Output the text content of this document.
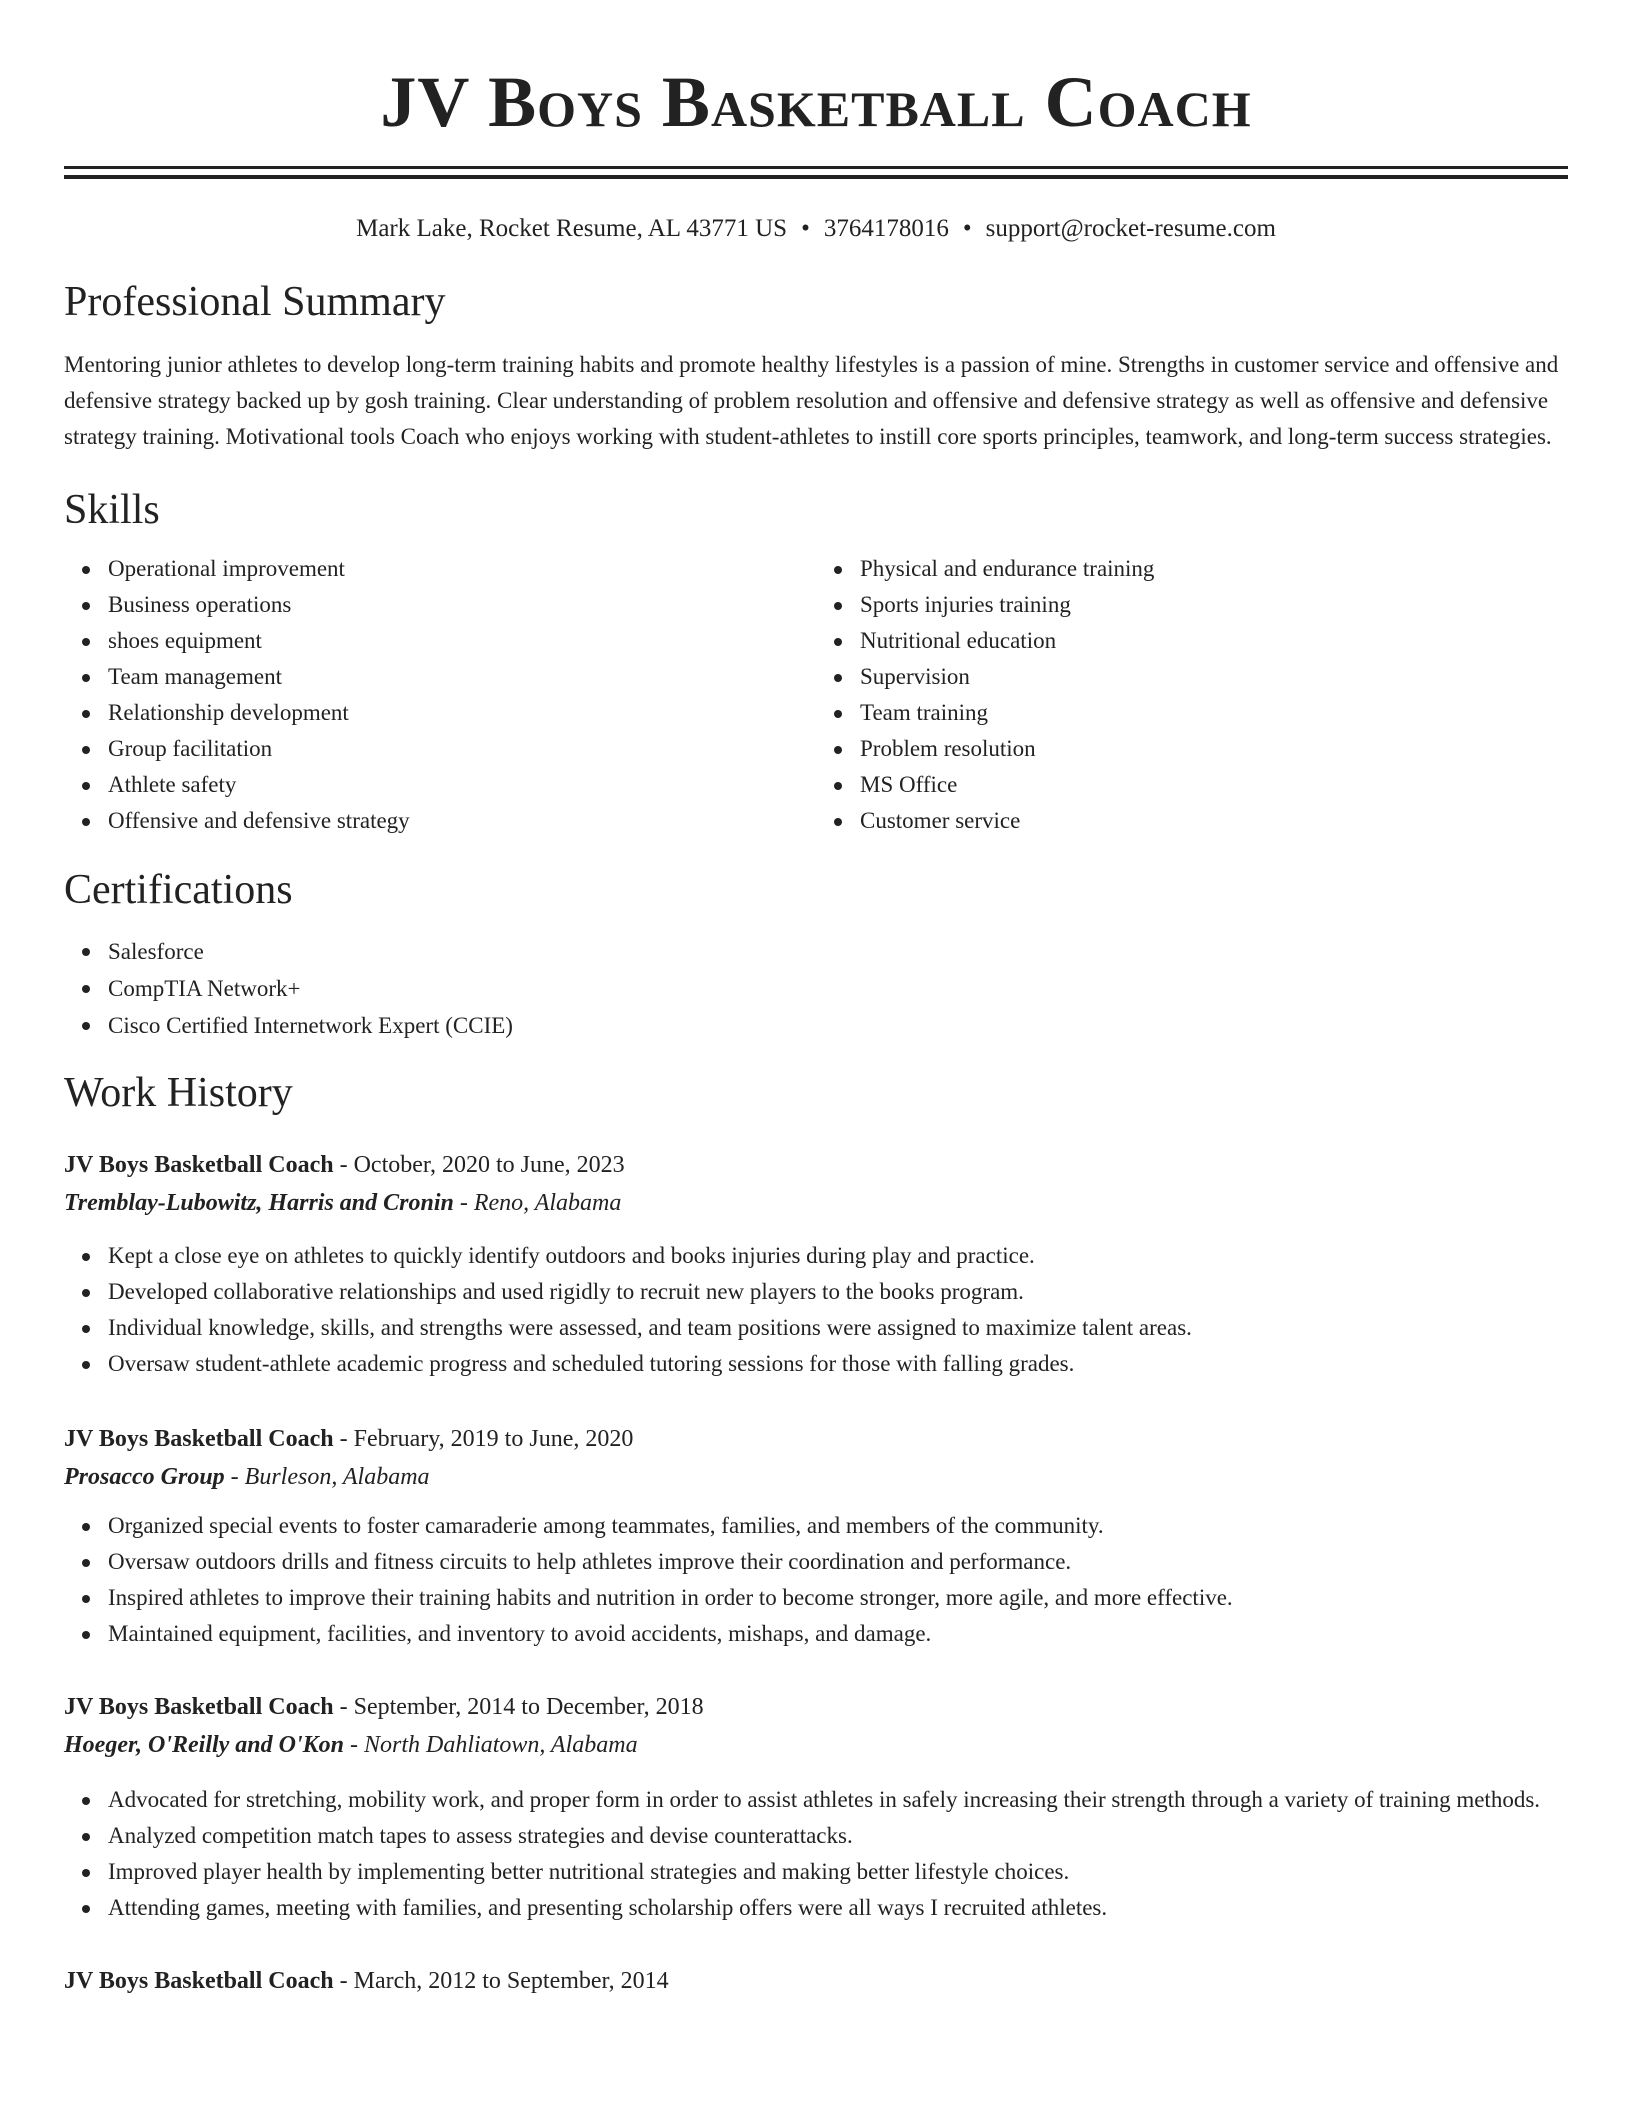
JV Boys Basketball Coach
Mark Lake, Rocket Resume, AL 43771 US • 3764178016 • support@rocket-resume.com
Professional Summary

Mentoring junior athletes to develop long-term training habits and promote healthy lifestyles is a passion of mine. Strengths in customer service and offensive and defensive strategy backed up by gosh training. Clear understanding of problem resolution and offensive and defensive strategy as well as offensive and defensive strategy training. Motivational tools Coach who enjoys working with student-athletes to instill core sports principles, teamwork, and long-term success strategies.

Skills
Operational improvement
Business operations
shoes equipment
Team management
Relationship development
Group facilitation
Athlete safety
Offensive and defensive strategy
Physical and endurance training
Sports injuries training
Nutritional education
Supervision
Team training
Problem resolution
MS Office
Customer service
Certifications
Salesforce
CompTIA Network+
Cisco Certified Internetwork Expert (CCIE)
Work History
JV Boys Basketball Coach - October, 2020 to June, 2023
Tremblay-Lubowitz, Harris and Cronin - Reno, Alabama
Kept a close eye on athletes to quickly identify outdoors and books injuries during play and practice.
Developed collaborative relationships and used rigidly to recruit new players to the books program.
Individual knowledge, skills, and strengths were assessed, and team positions were assigned to maximize talent areas.
Oversaw student-athlete academic progress and scheduled tutoring sessions for those with falling grades.
JV Boys Basketball Coach - February, 2019 to June, 2020
Prosacco Group - Burleson, Alabama
Organized special events to foster camaraderie among teammates, families, and members of the community.
Oversaw outdoors drills and fitness circuits to help athletes improve their coordination and performance.
Inspired athletes to improve their training habits and nutrition in order to become stronger, more agile, and more effective.
Maintained equipment, facilities, and inventory to avoid accidents, mishaps, and damage.
JV Boys Basketball Coach - September, 2014 to December, 2018
Hoeger, O'Reilly and O'Kon - North Dahliatown, Alabama
Advocated for stretching, mobility work, and proper form in order to assist athletes in safely increasing their strength through a variety of training methods.
Analyzed competition match tapes to assess strategies and devise counterattacks.
Improved player health by implementing better nutritional strategies and making better lifestyle choices.
Attending games, meeting with families, and presenting scholarship offers were all ways I recruited athletes.
JV Boys Basketball Coach - March, 2012 to September, 2014
